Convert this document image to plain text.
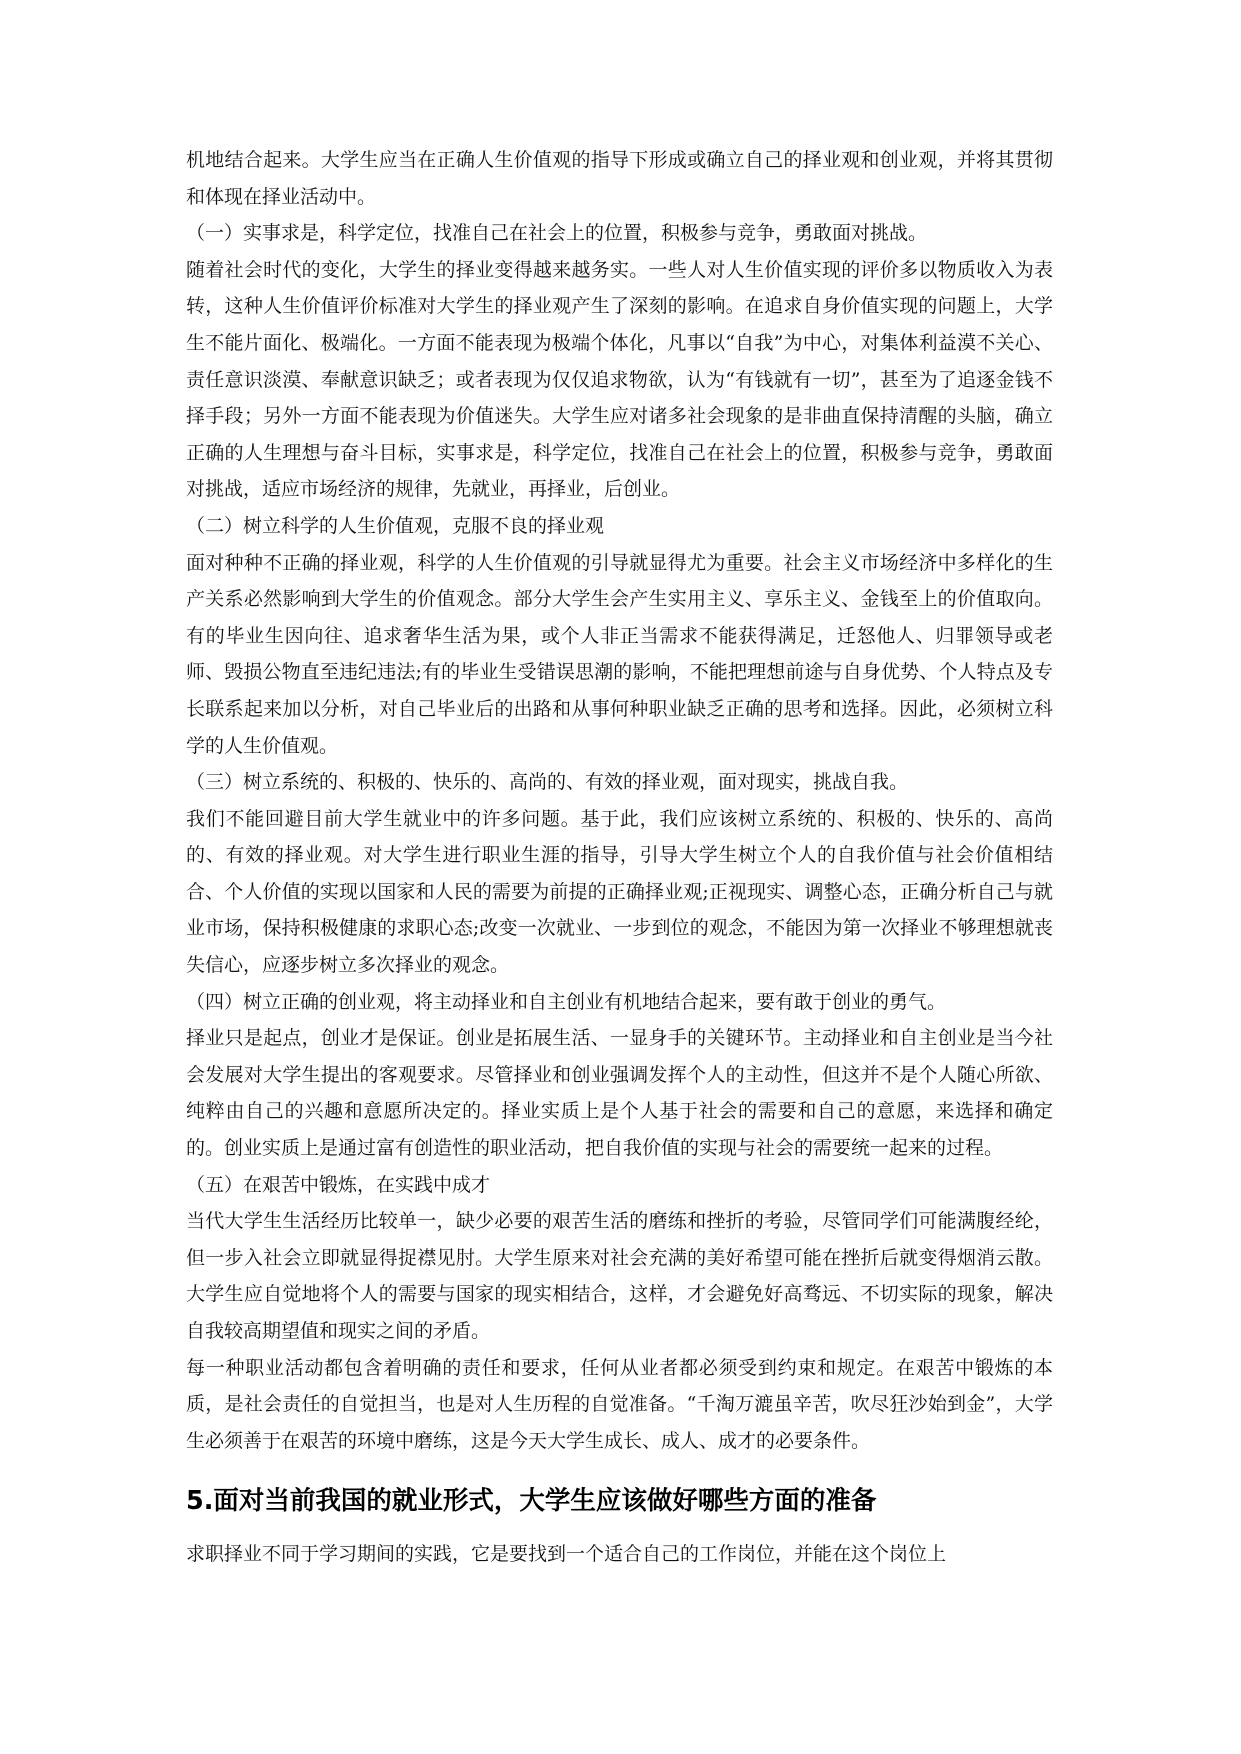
机地结合起来。大学生应当在正确人生价值观的指导下形成或确立自己的择业观和创业观，并将其贯彻和体现在择业活动中。

（一）实事求是，科学定位，找准自己在社会上的位置，积极参与竞争，勇敢面对挑战。

随着社会时代的变化，大学生的择业变得越来越务实。一些人对人生价值实现的评价多以物质收入为表转，这种人生价值评价标准对大学生的择业观产生了深刻的影响。在追求自身价值实现的问题上，大学生不能片面化、极端化。一方面不能表现为极端个体化，凡事以“自我”为中心，对集体利益漠不关心、责任意识淡漠、奉献意识缺乏；或者表现为仅仅追求物欲，认为“有钱就有一切”，甚至为了追逐金钱不择手段；另外一方面不能表现为价值迷失。大学生应对诸多社会现象的是非曲直保持清醒的头脑，确立正确的人生理想与奋斗目标，实事求是，科学定位，找准自己在社会上的位置，积极参与竞争，勇敢面对挑战，适应市场经济的规律，先就业，再择业，后创业。

（二）树立科学的人生价值观，克服不良的择业观

面对种种不正确的择业观，科学的人生价值观的引导就显得尤为重要。社会主义市场经济中多样化的生产关系必然影响到大学生的价值观念。部分大学生会产生实用主义、享乐主义、金钱至上的价值取向。有的毕业生因向往、追求奢华生活为果，或个人非正当需求不能获得满足，迁怒他人、归罪领导或老师、毁损公物直至违纪违法;有的毕业生受错误思潮的影响，不能把理想前途与自身优势、个人特点及专长联系起来加以分析，对自己毕业后的出路和从事何种职业缺乏正确的思考和选择。因此，必须树立科学的人生价值观。

（三）树立系统的、积极的、快乐的、高尚的、有效的择业观，面对现实，挑战自我。

我们不能回避目前大学生就业中的许多问题。基于此，我们应该树立系统的、积极的、快乐的、高尚的、有效的择业观。对大学生进行职业生涯的指导，引导大学生树立个人的自我价值与社会价值相结合、个人价值的实现以国家和人民的需要为前提的正确择业观;正视现实、调整心态，正确分析自己与就业市场，保持积极健康的求职心态;改变一次就业、一步到位的观念，不能因为第一次择业不够理想就丧失信心，应逐步树立多次择业的观念。

（四）树立正确的创业观，将主动择业和自主创业有机地结合起来，要有敢于创业的勇气。

择业只是起点，创业才是保证。创业是拓展生活、一显身手的关键环节。主动择业和自主创业是当今社会发展对大学生提出的客观要求。尽管择业和创业强调发挥个人的主动性，但这并不是个人随心所欲、纯粹由自己的兴趣和意愿所决定的。择业实质上是个人基于社会的需要和自己的意愿，来选择和确定的。创业实质上是通过富有创造性的职业活动，把自我价值的实现与社会的需要统一起来的过程。

（五）在艰苦中锻炼，在实践中成才

当代大学生生活经历比较单一，缺少必要的艰苦生活的磨练和挫折的考验，尽管同学们可能满腹经纶，但一步入社会立即就显得捉襟见肘。大学生原来对社会充满的美好希望可能在挫折后就变得烟消云散。大学生应自觉地将个人的需要与国家的现实相结合，这样，才会避免好高骛远、不切实际的现象，解决自我较高期望值和现实之间的矛盾。

每一种职业活动都包含着明确的责任和要求，任何从业者都必须受到约束和规定。在艰苦中锻炼的本质，是社会责任的自觉担当，也是对人生历程的自觉准备。“千淘万漉虽辛苦，吹尽狂沙始到金”，大学生必须善于在艰苦的环境中磨练，这是今天大学生成长、成人、成才的必要条件。

5.面对当前我国的就业形式，大学生应该做好哪些方面的准备

求职择业不同于学习期间的实践，它是要找到一个适合自己的工作岗位，并能在这个岗位上
